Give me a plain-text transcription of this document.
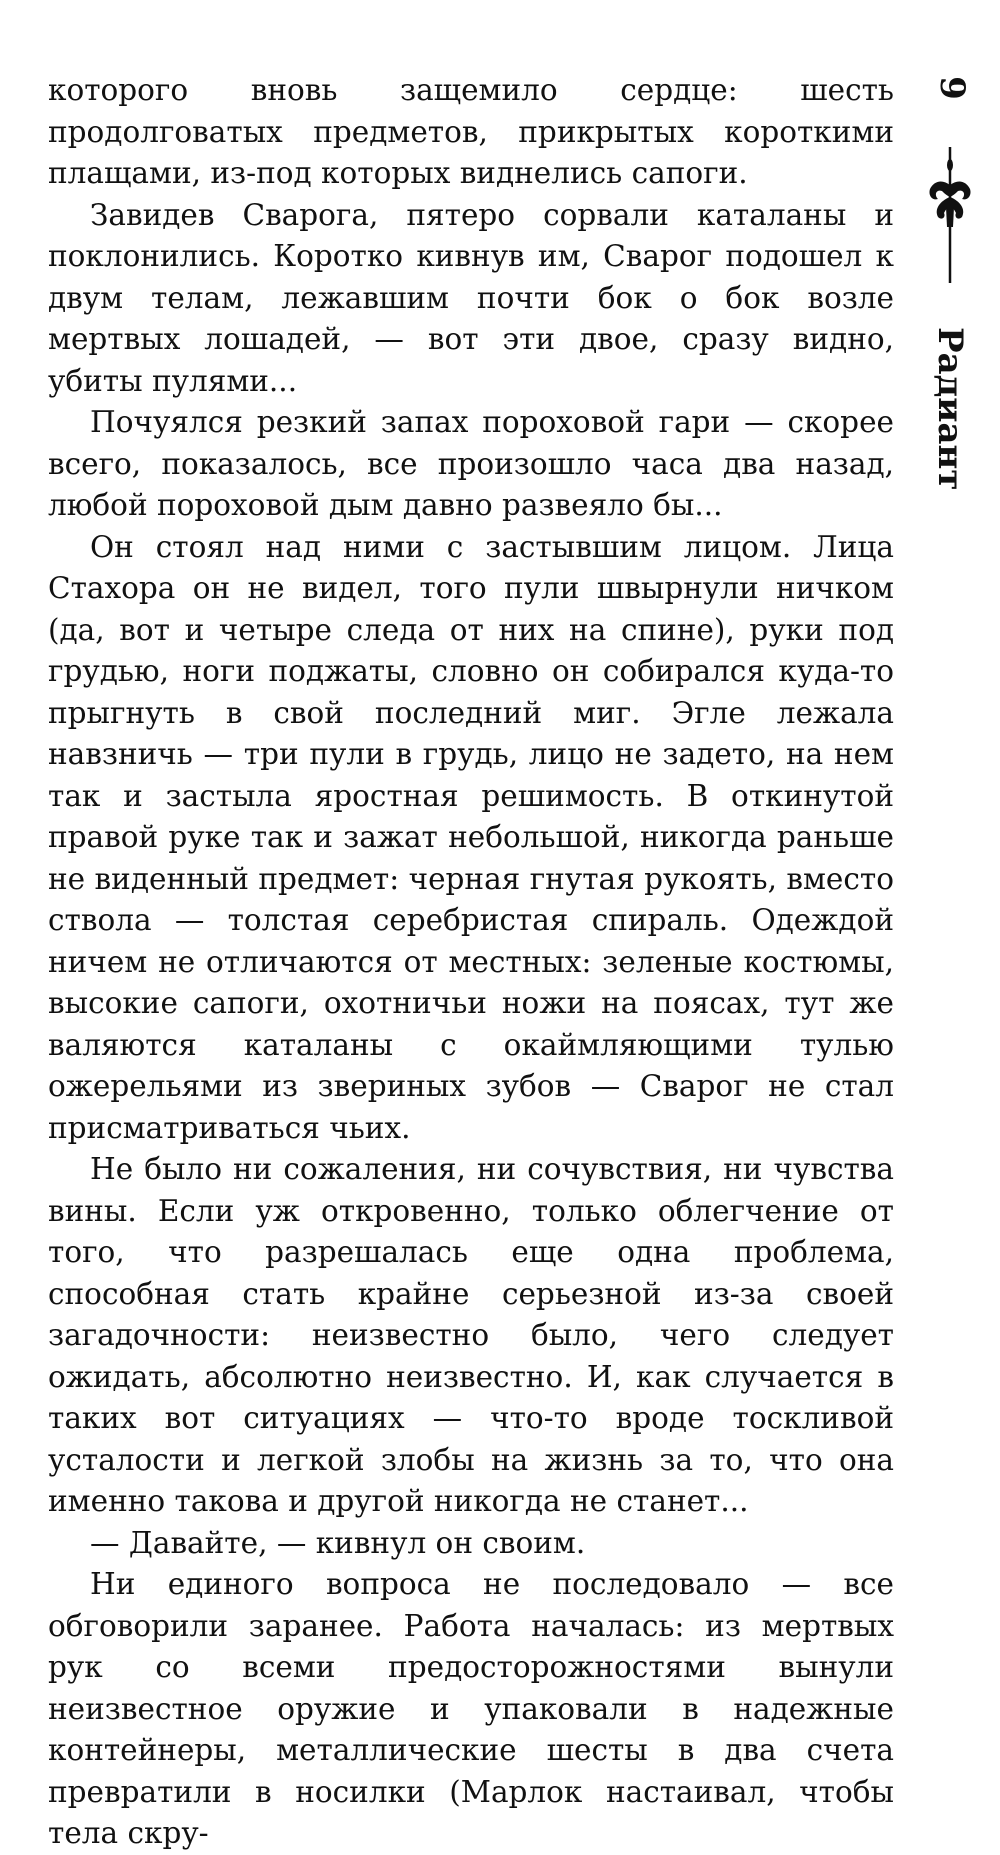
которого вновь защемило сердце: шесть продолговатых предметов, прикрытых короткими плащами, из-под которых виднелись сапоги.

Завидев Сварога, пятеро сорвали каталаны и поклонились. Коротко кивнув им, Сварог подошел к двум телам, лежавшим почти бок о бок возле мертвых лошадей, — вот эти двое, сразу видно, убиты пулями...

Почуялся резкий запах пороховой гари — скорее всего, показалось, все произошло часа два назад, любой пороховой дым давно развеяло бы...

Он стоял над ними с застывшим лицом. Лица Стахора он не видел, того пули швырнули ничком (да, вот и четыре следа от них на спине), руки под грудью, ноги поджаты, словно он собирался куда-то прыгнуть в свой последний миг. Эгле лежала навзничь — три пули в грудь, лицо не задето, на нем так и застыла яростная решимость. В откинутой правой руке так и зажат небольшой, никогда раньше не виденный предмет: черная гнутая рукоять, вместо ствола — толстая серебристая спираль. Одеждой ничем не отличаются от местных: зеленые костюмы, высокие сапоги, охотничьи ножи на поясах, тут же валяются каталаны с окаймляющими тулью ожерельями из звериных зубов — Сварог не стал присматриваться чьих.

Не было ни сожаления, ни сочувствия, ни чувства вины. Если уж откровенно, только облегчение от того, что разрешалась еще одна проблема, способная стать крайне серьезной из-за своей загадочности: неизвестно было, чего следует ожидать, абсолютно неизвестно. И, как случается в таких вот ситуациях — что-то вроде тоскливой усталости и легкой злобы на жизнь за то, что она именно такова и другой никогда не станет...

— Давайте, — кивнул он своим.

Ни единого вопроса не последовало — все обговорили заранее. Работа началась: из мертвых рук со всеми предосторожностями вынули неизвестное оружие и упаковали в надежные контейнеры, металлические шесты в два счета превратили в носилки (Марлок настаивал, чтобы тела скру-

9
Радиант
